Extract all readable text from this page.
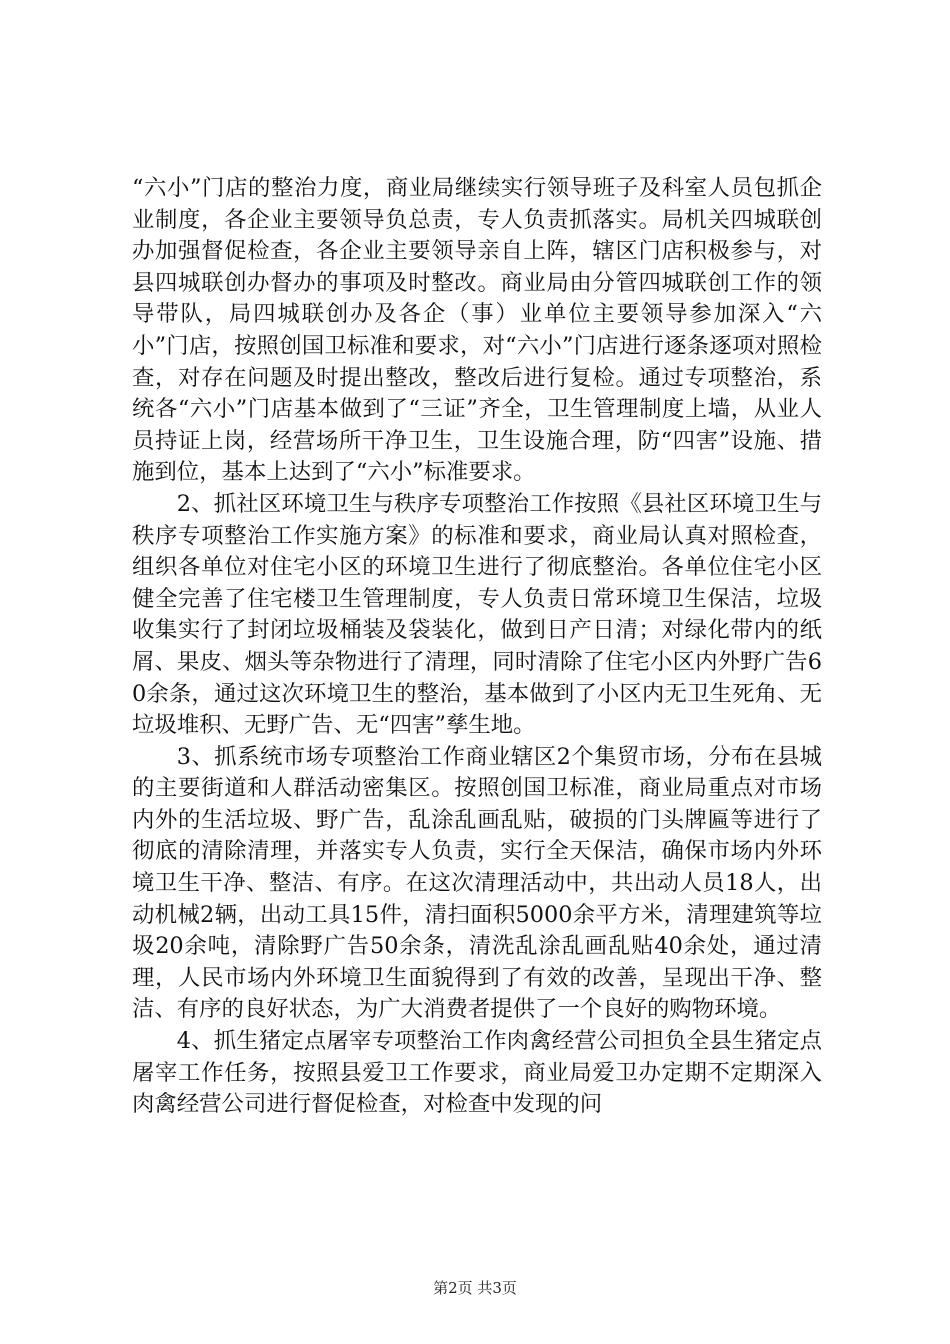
“六小”门店的整治力度，商业局继续实行领导班子及科室人员包抓企业制度，各企业主要领导负总责，专人负责抓落实。局机关四城联创办加强督促检查，各企业主要领导亲自上阵，辖区门店积极参与，对县四城联创办督办的事项及时整改。商业局由分管四城联创工作的领导带队，局四城联创办及各企（事）业单位主要领导参加深入“六小”门店，按照创国卫标准和要求，对“六小”门店进行逐条逐项对照检查，对存在问题及时提出整改，整改后进行复检。通过专项整治，系统各“六小”门店基本做到了“三证”齐全，卫生管理制度上墙，从业人员持证上岗，经营场所干净卫生，卫生设施合理，防“四害”设施、措施到位，基本上达到了“六小”标准要求。

2、抓社区环境卫生与秩序专项整治工作按照《县社区环境卫生与秩序专项整治工作实施方案》的标准和要求，商业局认真对照检查，组织各单位对住宅小区的环境卫生进行了彻底整治。各单位住宅小区健全完善了住宅楼卫生管理制度，专人负责日常环境卫生保洁，垃圾收集实行了封闭垃圾桶装及袋装化，做到日产日清；对绿化带内的纸屑、果皮、烟头等杂物进行了清理，同时清除了住宅小区内外野广告60余条，通过这次环境卫生的整治，基本做到了小区内无卫生死角、无垃圾堆积、无野广告、无“四害”孳生地。

3、抓系统市场专项整治工作商业辖区2个集贸市场，分布在县城的主要街道和人群活动密集区。按照创国卫标准，商业局重点对市场内外的生活垃圾、野广告，乱涂乱画乱贴，破损的门头牌匾等进行了彻底的清除清理，并落实专人负责，实行全天保洁，确保市场内外环境卫生干净、整洁、有序。在这次清理活动中，共出动人员18人，出动机械2辆，出动工具15件，清扫面积5000余平方米，清理建筑等垃圾20余吨，清除野广告50余条，清洗乱涂乱画乱贴40余处，通过清理，人民市场内外环境卫生面貌得到了有效的改善，呈现出干净、整洁、有序的良好状态，为广大消费者提供了一个良好的购物环境。

4、抓生猪定点屠宰专项整治工作肉禽经营公司担负全县生猪定点屠宰工作任务，按照县爱卫工作要求，商业局爱卫办定期不定期深入肉禽经营公司进行督促检查，对检查中发现的问

第2页 共3页
